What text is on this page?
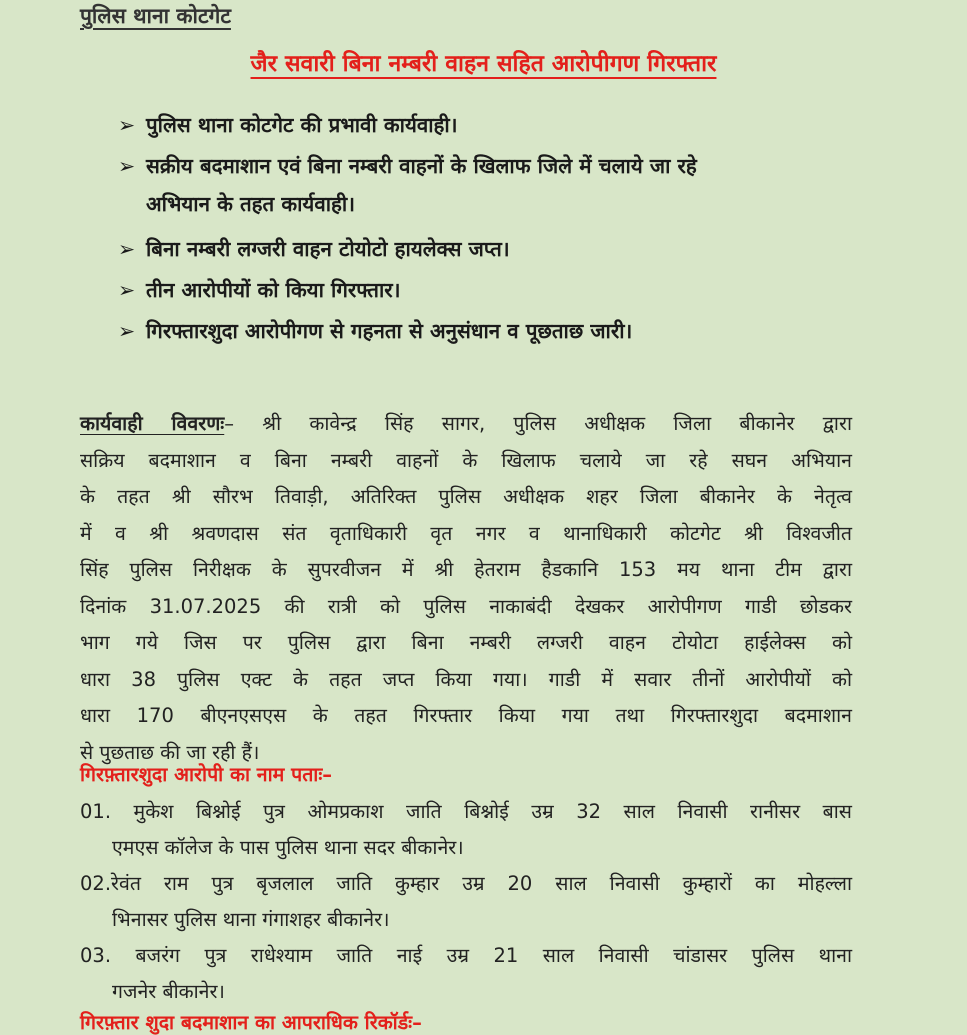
पुलिस थाना कोटगेट
जैर सवारी बिना नम्बरी वाहन सहित आरोपीगण गिरफ्तार
➢ पुलिस थाना कोटगेट की प्रभावी कार्यवाही।
➢ सक्रीय बदमाशान एवं बिना नम्बरी वाहनों के खिलाफ जिले में चलाये जा रहे
अभियान के तहत कार्यवाही।
➢ बिना नम्बरी लग्जरी वाहन टोयोटो हायलेक्स जप्त।
➢ तीन आरोपीयों को किया गिरफ्तार।
➢ गिरफ्तारशुदा आरोपीगण से गहनता से अनुसंधान व पूछताछ जारी।
कार्यवाही विवरणः– श्री कावेन्द्र सिंह सागर, पुलिस अधीक्षक जिला बीकानेर द्वारा
सक्रिय बदमाशान व बिना नम्बरी वाहनों के खिलाफ चलाये जा रहे सघन अभियान
के तहत श्री सौरभ तिवाड़ी, अतिरिक्त पुलिस अधीक्षक शहर जिला बीकानेर के नेतृत्व
में व श्री श्रवणदास संत वृताधिकारी वृत नगर व थानाधिकारी कोटगेट श्री विश्वजीत
सिंह पुलिस निरीक्षक के सुपरवीजन में श्री हेतराम हैडकानि 153 मय थाना टीम द्वारा
दिनांक 31.07.2025 की रात्री को पुलिस नाकाबंदी देखकर आरोपीगण गाडी छोडकर
भाग गये जिस पर पुलिस द्वारा बिना नम्बरी लग्जरी वाहन टोयोटा हाईलेक्स को
धारा 38 पुलिस एक्ट के तहत जप्त किया गया। गाडी में सवार तीनों आरोपीयों को
धारा 170 बीएनएसएस के तहत गिरफ्तार किया गया तथा गिरफ्तारशुदा बदमाशान
से पुछताछ की जा रही हैं।
गिरफ़्तारशुदा आरोपी का नाम पताः–
01. मुकेश बिश्नोई पुत्र ओमप्रकाश जाति बिश्नोई उम्र 32 साल निवासी रानीसर बास
एमएस कॉलेज के पास पुलिस थाना सदर बीकानेर।
02.रेवंत राम पुत्र बृजलाल जाति कुम्हार उम्र 20 साल निवासी कुम्हारों का मोहल्ला
भिनासर पुलिस थाना गंगाशहर बीकानेर।
03. बजरंग पुत्र राधेश्याम जाति नाई उम्र 21 साल निवासी चांडासर पुलिस थाना
गजनेर बीकानेर।
गिरफ़्तार शुदा बदमाशान का आपराधिक रिकॉर्डः–
